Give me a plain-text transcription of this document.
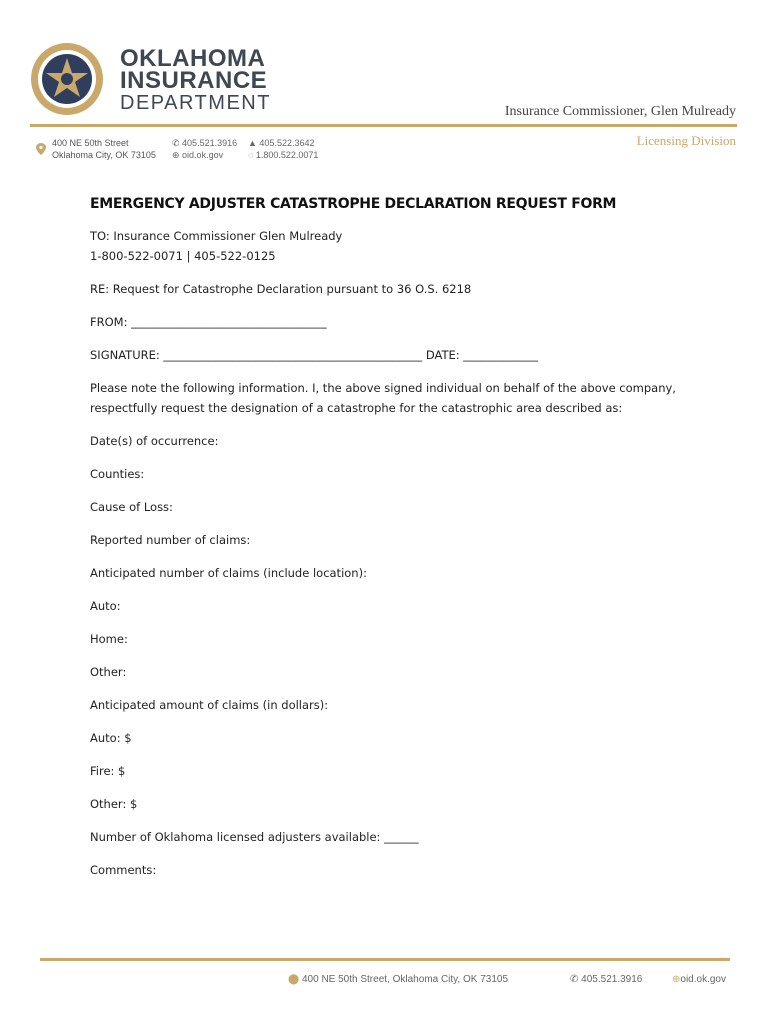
OKLAHOMA
INSURANCE
DEPARTMENT	Insurance Commissioner, Glen Mulready
400 NE 50th Street
Oklahoma City, OK 73105
✆ 405.521.3916
⊕ oid.ok.gov
▲ 405.522.3642
◌ 1.800.522.0071
Licensing Division
EMERGENCY ADJUSTER CATASTROPHE DECLARATION REQUEST FORM

TO: Insurance Commissioner Glen Mulready

1-800-522-0071 | 405-522-0125

RE: Request for Catastrophe Declaration pursuant to 36 O.S. 6218

FROM: __________________________________

SIGNATURE: _____________________________________________ DATE: _____________

Please note the following information. I, the above signed individual on behalf of the above company, respectfully request the designation of a catastrophe for the catastrophic area described as:

Date(s) of occurrence:

Counties:

Cause of Loss:

Reported number of claims:

Anticipated number of claims (include location):

Auto:

Home:

Other:

Anticipated amount of claims (in dollars):

Auto: $

Fire: $

Other: $

Number of Oklahoma licensed adjusters available: ______

Comments:

⬤ 400 NE 50th Street, Oklahoma City, OK 73105	✆ 405.521.3916	⊕oid.ok.gov
